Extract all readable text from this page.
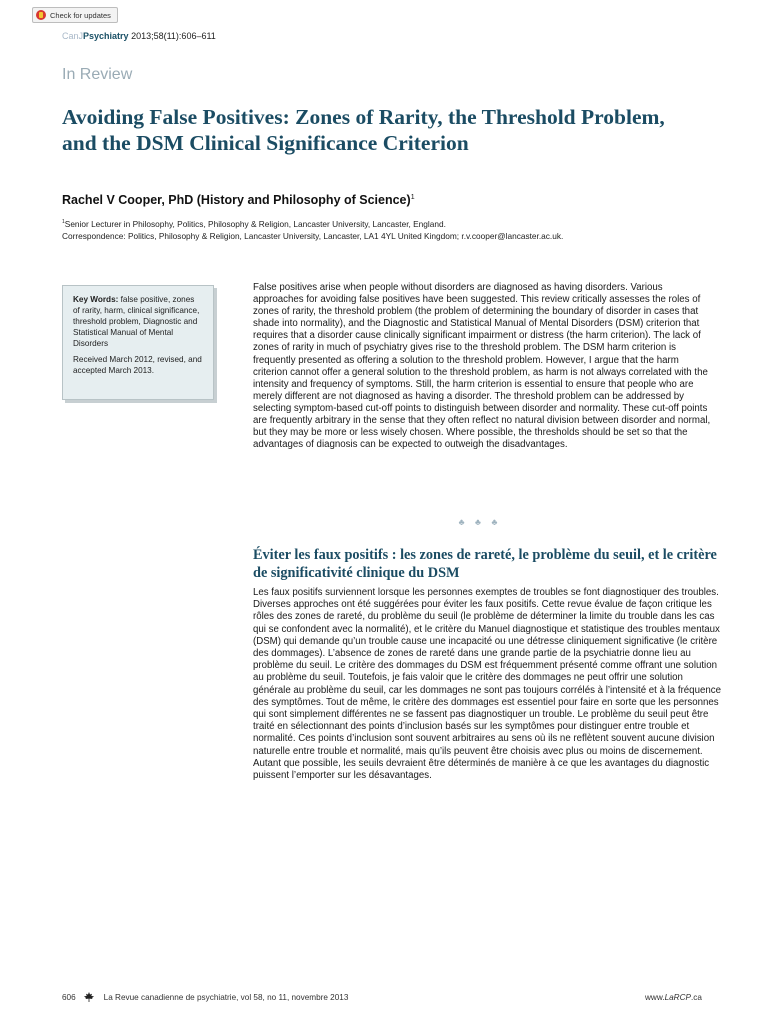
Check for updates
CanJPsychiatry 2013;58(11):606–611
In Review
Avoiding False Positives: Zones of Rarity, the Threshold Problem, and the DSM Clinical Significance Criterion
Rachel V Cooper, PhD (History and Philosophy of Science)$^1$
$^1$Senior Lecturer in Philosophy, Politics, Philosophy & Religion, Lancaster University, Lancaster, England.
Correspondence: Politics, Philosophy & Religion, Lancaster University, Lancaster, LA1 4YL United Kingdom; r.v.cooper@lancaster.ac.uk.

Key Words: false positive, zones of rarity, harm, clinical significance, threshold problem, Diagnostic and Statistical Manual of Mental Disorders

Received March 2012, revised, and accepted March 2013.

False positives arise when people without disorders are diagnosed as having disorders. Various approaches for avoiding false positives have been suggested. This review critically assesses the roles of zones of rarity, the threshold problem (the problem of determining the boundary of disorder in cases that shade into normality), and the Diagnostic and Statistical Manual of Mental Disorders (DSM) criterion that requires that a disorder cause clinically significant impairment or distress (the harm criterion). The lack of zones of rarity in much of psychiatry gives rise to the threshold problem. The DSM harm criterion is frequently presented as offering a solution to the threshold problem. However, I argue that the harm criterion cannot offer a general solution to the threshold problem, as harm is not always correlated with the intensity and frequency of symptoms. Still, the harm criterion is essential to ensure that people who are merely different are not diagnosed as having a disorder. The threshold problem can be addressed by selecting symptom-based cut-off points to distinguish between disorder and normality. These cut-off points are frequently arbitrary in the sense that they often reflect no natural division between disorder and normal, but they may be more or less wisely chosen. Where possible, the thresholds should be set so that the advantages of diagnosis can be expected to outweigh the disadvantages.

♣ ♣ ♣
Éviter les faux positifs : les zones de rareté, le problème du seuil, et le critère de significativité clinique du DSM

Les faux positifs surviennent lorsque les personnes exemptes de troubles se font diagnostiquer des troubles. Diverses approches ont été suggérées pour éviter les faux positifs. Cette revue évalue de façon critique les rôles des zones de rareté, du problème du seuil (le problème de déterminer la limite du trouble dans les cas qui se confondent avec la normalité), et le critère du Manuel diagnostique et statistique des troubles mentaux (DSM) qui demande qu’un trouble cause une incapacité ou une détresse cliniquement significative (le critère des dommages). L’absence de zones de rareté dans une grande partie de la psychiatrie donne lieu au problème du seuil. Le critère des dommages du DSM est fréquemment présenté comme offrant une solution au problème du seuil. Toutefois, je fais valoir que le critère des dommages ne peut offrir une solution générale au problème du seuil, car les dommages ne sont pas toujours corrélés à l’intensité et à la fréquence des symptômes. Tout de même, le critère des dommages est essentiel pour faire en sorte que les personnes qui sont simplement différentes ne se fassent pas diagnostiquer un trouble. Le problème du seuil peut être traité en sélectionnant des points d’inclusion basés sur les symptômes pour distinguer entre trouble et normalité. Ces points d’inclusion sont souvent arbitraires au sens où ils ne reflètent souvent aucune division naturelle entre trouble et normalité, mais qu’ils peuvent être choisis avec plus ou moins de discernement. Autant que possible, les seuils devraient être déterminés de manière à ce que les avantages du diagnostic puissent l’emporter sur les désavantages.

606	La Revue canadienne de psychiatrie, vol 58, no 11, novembre 2013	www.LaRCP.ca
